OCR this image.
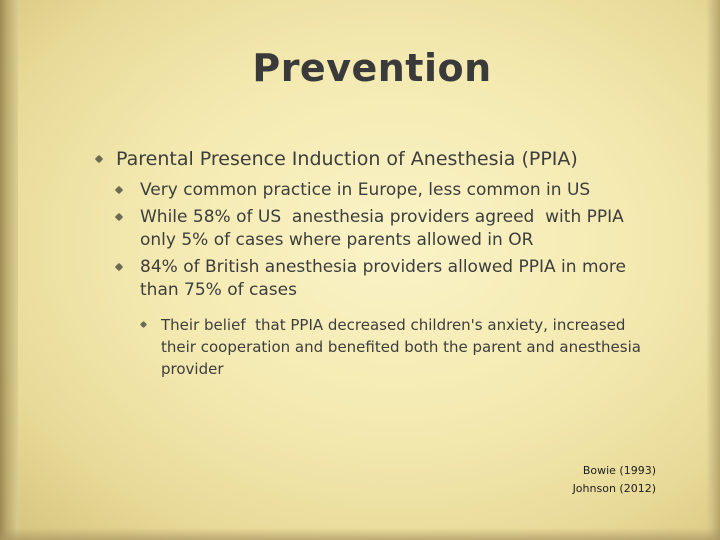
Prevention
Parental Presence Induction of Anesthesia (PPIA)
Very common practice in Europe, less common in US
While 58% of US  anesthesia providers agreed  with PPIA only 5% of cases where parents allowed in OR
84% of British anesthesia providers allowed PPIA in more than 75% of cases
Their belief  that PPIA decreased children's anxiety, increased their cooperation and benefited both the parent and anesthesia provider
Bowie (1993)
Johnson (2012)
